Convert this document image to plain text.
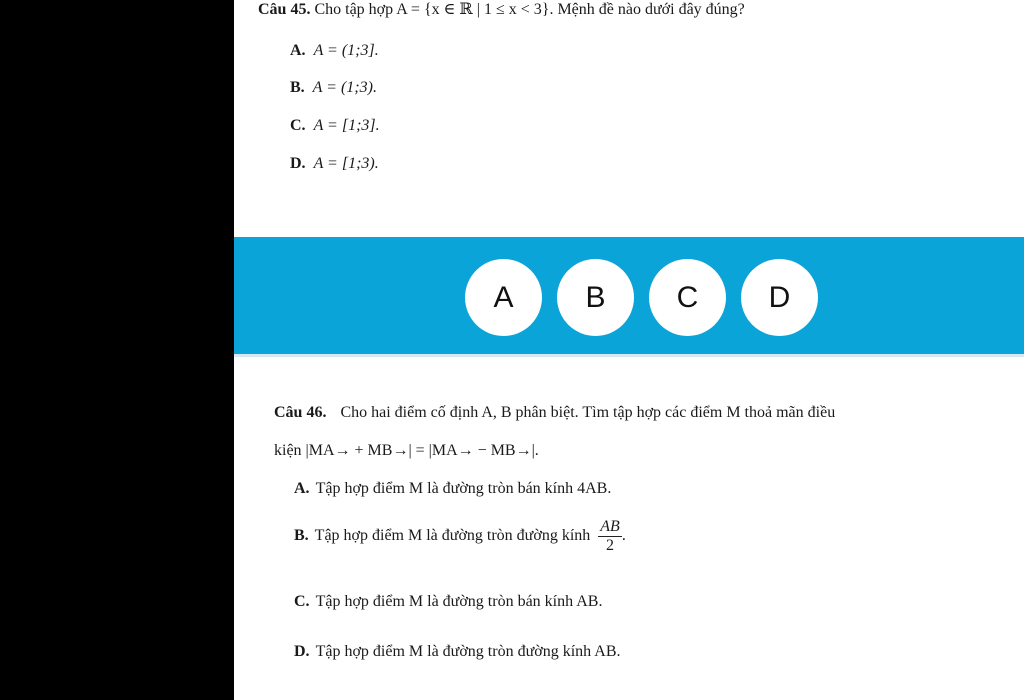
Câu 45. Cho tập hợp A = {x ∈ ℝ | 1 ≤ x < 3}. Mệnh đề nào dưới đây đúng?
A. A = (1;3].
B. A = (1;3).
C. A = [1;3].
D. A = [1;3).
A	B	C	D
Câu 46. Cho hai điểm cố định A, B phân biệt. Tìm tập hợp các điểm M thoả mãn điều
kiện |MA→ + MB→| = |MA→ − MB→|.
A. Tập hợp điểm M là đường tròn bán kính 4AB.
B. Tập hợp điểm M là đường tròn đường kính $\frac{AB}{2}$ .
C. Tập hợp điểm M là đường tròn bán kính AB.
D. Tập hợp điểm M là đường tròn đường kính AB.
